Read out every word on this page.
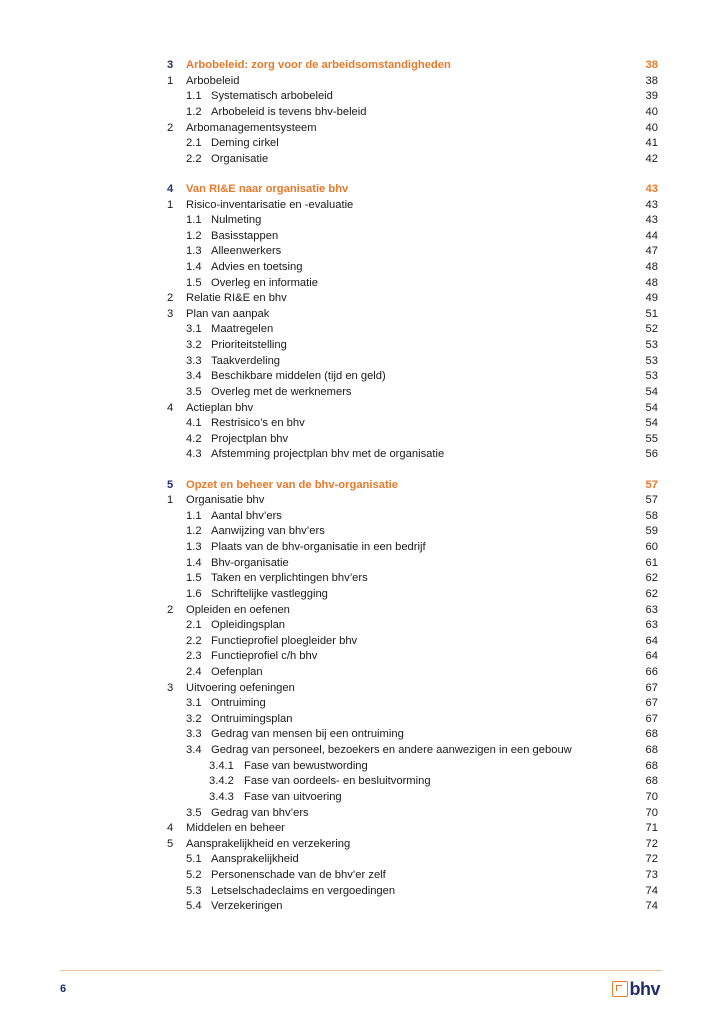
3 Arbobeleid: zorg voor de arbeidsomstandigheden	38
1 Arbobeleid	38
1.1 Systematisch arbobeleid	39
1.2 Arbobeleid is tevens bhv-beleid	40
2 Arbomanagementsysteem	40
2.1 Deming cirkel	41
2.2 Organisatie	42
4 Van RI&E naar organisatie bhv	43
1 Risico-inventarisatie en -evaluatie	43
1.1 Nulmeting	43
1.2 Basisstappen	44
1.3 Alleenwerkers	47
1.4 Advies en toetsing	48
1.5 Overleg en informatie	48
2 Relatie RI&E en bhv	49
3 Plan van aanpak	51
3.1 Maatregelen	52
3.2 Prioriteitstelling	53
3.3 Taakverdeling	53
3.4 Beschikbare middelen (tijd en geld)	53
3.5 Overleg met de werknemers	54
4 Actieplan bhv	54
4.1 Restrisico’s en bhv	54
4.2 Projectplan bhv	55
4.3 Afstemming projectplan bhv met de organisatie	56
5 Opzet en beheer van de bhv-organisatie	57
1 Organisatie bhv	57
1.1 Aantal bhv’ers	58
1.2 Aanwijzing van bhv’ers	59
1.3 Plaats van de bhv-organisatie in een bedrijf	60
1.4 Bhv-organisatie	61
1.5 Taken en verplichtingen bhv’ers	62
1.6 Schriftelijke vastlegging	62
2 Opleiden en oefenen	63
2.1 Opleidingsplan	63
2.2 Functieprofiel ploegleider bhv	64
2.3 Functieprofiel c/h bhv	64
2.4 Oefenplan	66
3 Uitvoering oefeningen	67
3.1 Ontruiming	67
3.2 Ontruimingsplan	67
3.3 Gedrag van mensen bij een ontruiming	68
3.4 Gedrag van personeel, bezoekers en andere aanwezigen in een gebouw	68
3.4.1 Fase van bewustwording	68
3.4.2 Fase van oordeels- en besluitvorming	68
3.4.3 Fase van uitvoering	70
3.5 Gedrag van bhv’ers	70
4 Middelen en beheer	71
5 Aansprakelijkheid en verzekering	72
5.1 Aansprakelijkheid	72
5.2 Personenschade van de bhv’er zelf	73
5.3 Letselschadeclaims en vergoedingen	74
5.4 Verzekeringen	74
6	bhv
